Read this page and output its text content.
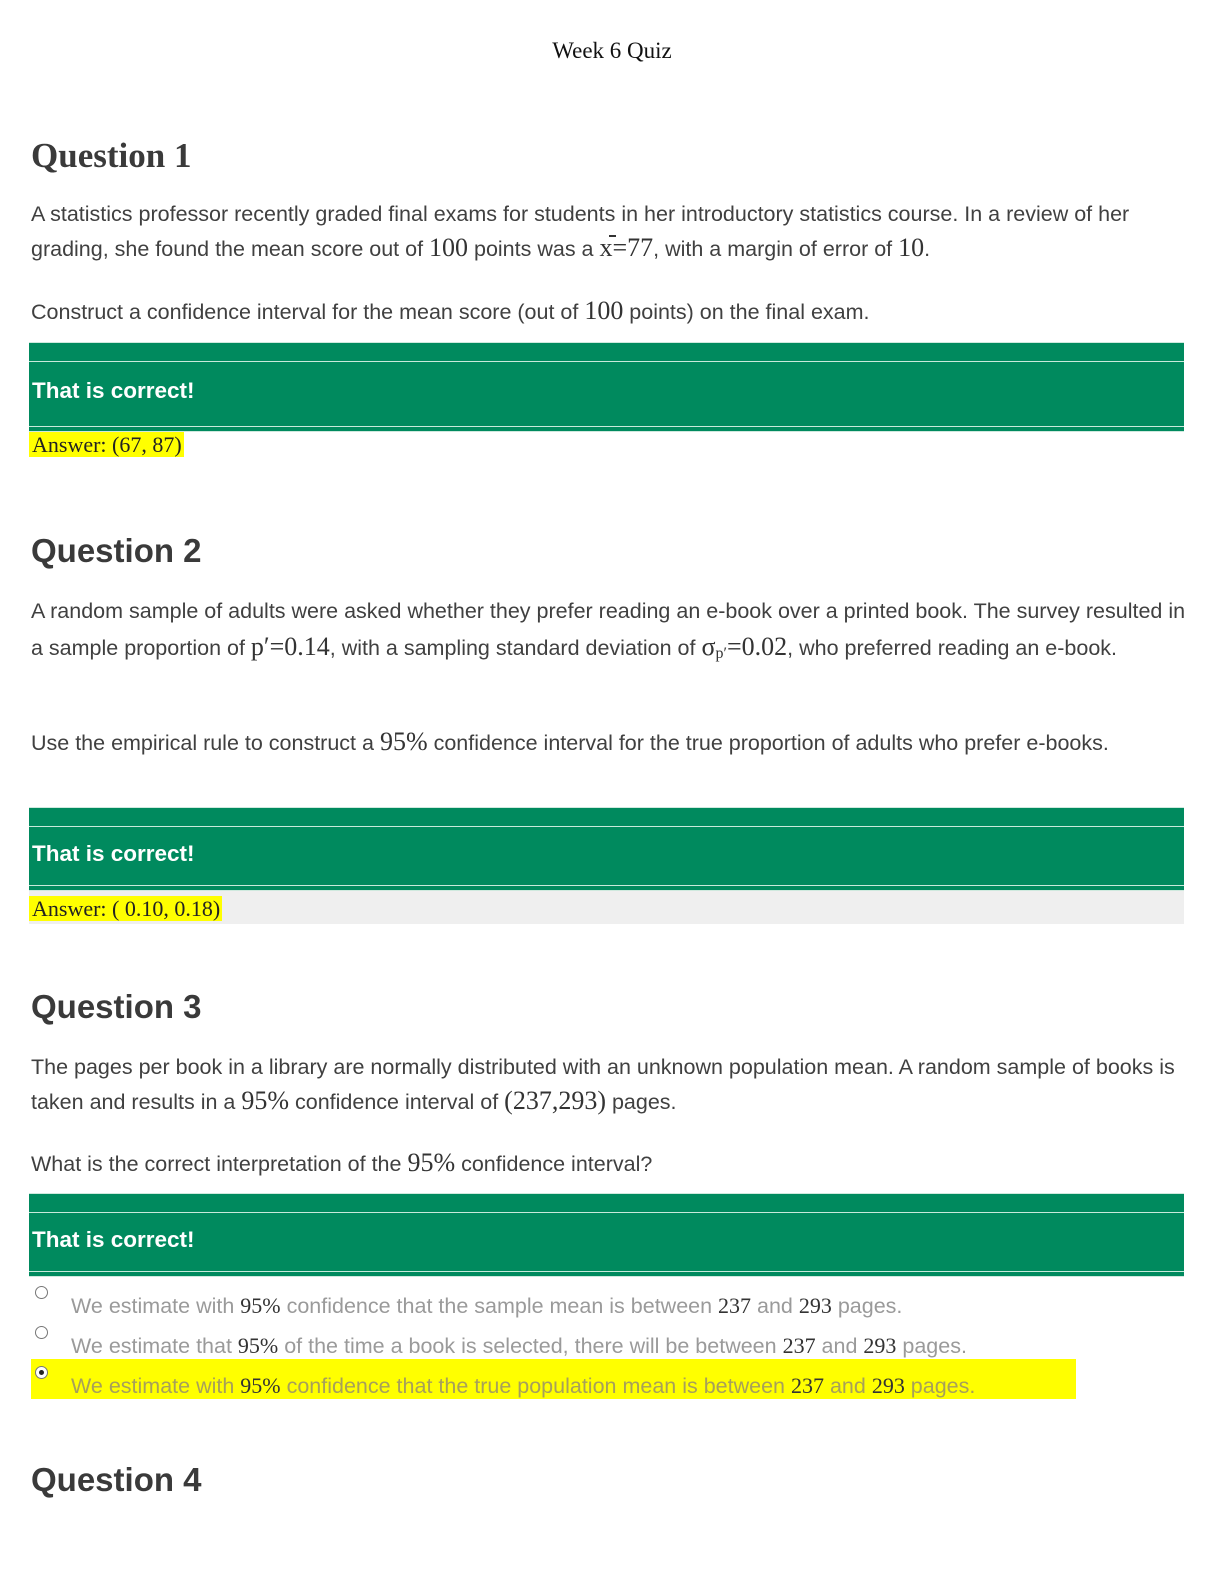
Week 6 Quiz
Question 1
A statistics professor recently graded final exams for students in her introductory statistics course. In a review of her grading, she found the mean score out of 100 points was a x=77, with a margin of error of 10.
Construct a confidence interval for the mean score (out of 100 points) on the final exam.
That is correct!
Answer: (67, 87)
Question 2
A random sample of adults were asked whether they prefer reading an e-book over a printed book. The survey resulted in a sample proportion of p′=0.14, with a sampling standard deviation of σp′=0.02, who preferred reading an e-book.
Use the empirical rule to construct a 95% confidence interval for the true proportion of adults who prefer e-books.
That is correct!
Answer: ( 0.10, 0.18)
Question 3
The pages per book in a library are normally distributed with an unknown population mean. A random sample of books is taken and results in a 95% confidence interval of (237,293) pages.
What is the correct interpretation of the 95% confidence interval?
That is correct!
We estimate with 95% confidence that the sample mean is between 237 and 293 pages.
We estimate that 95% of the time a book is selected, there will be between 237 and 293 pages.
We estimate with 95% confidence that the true population mean is between 237 and 293 pages.
Question 4
